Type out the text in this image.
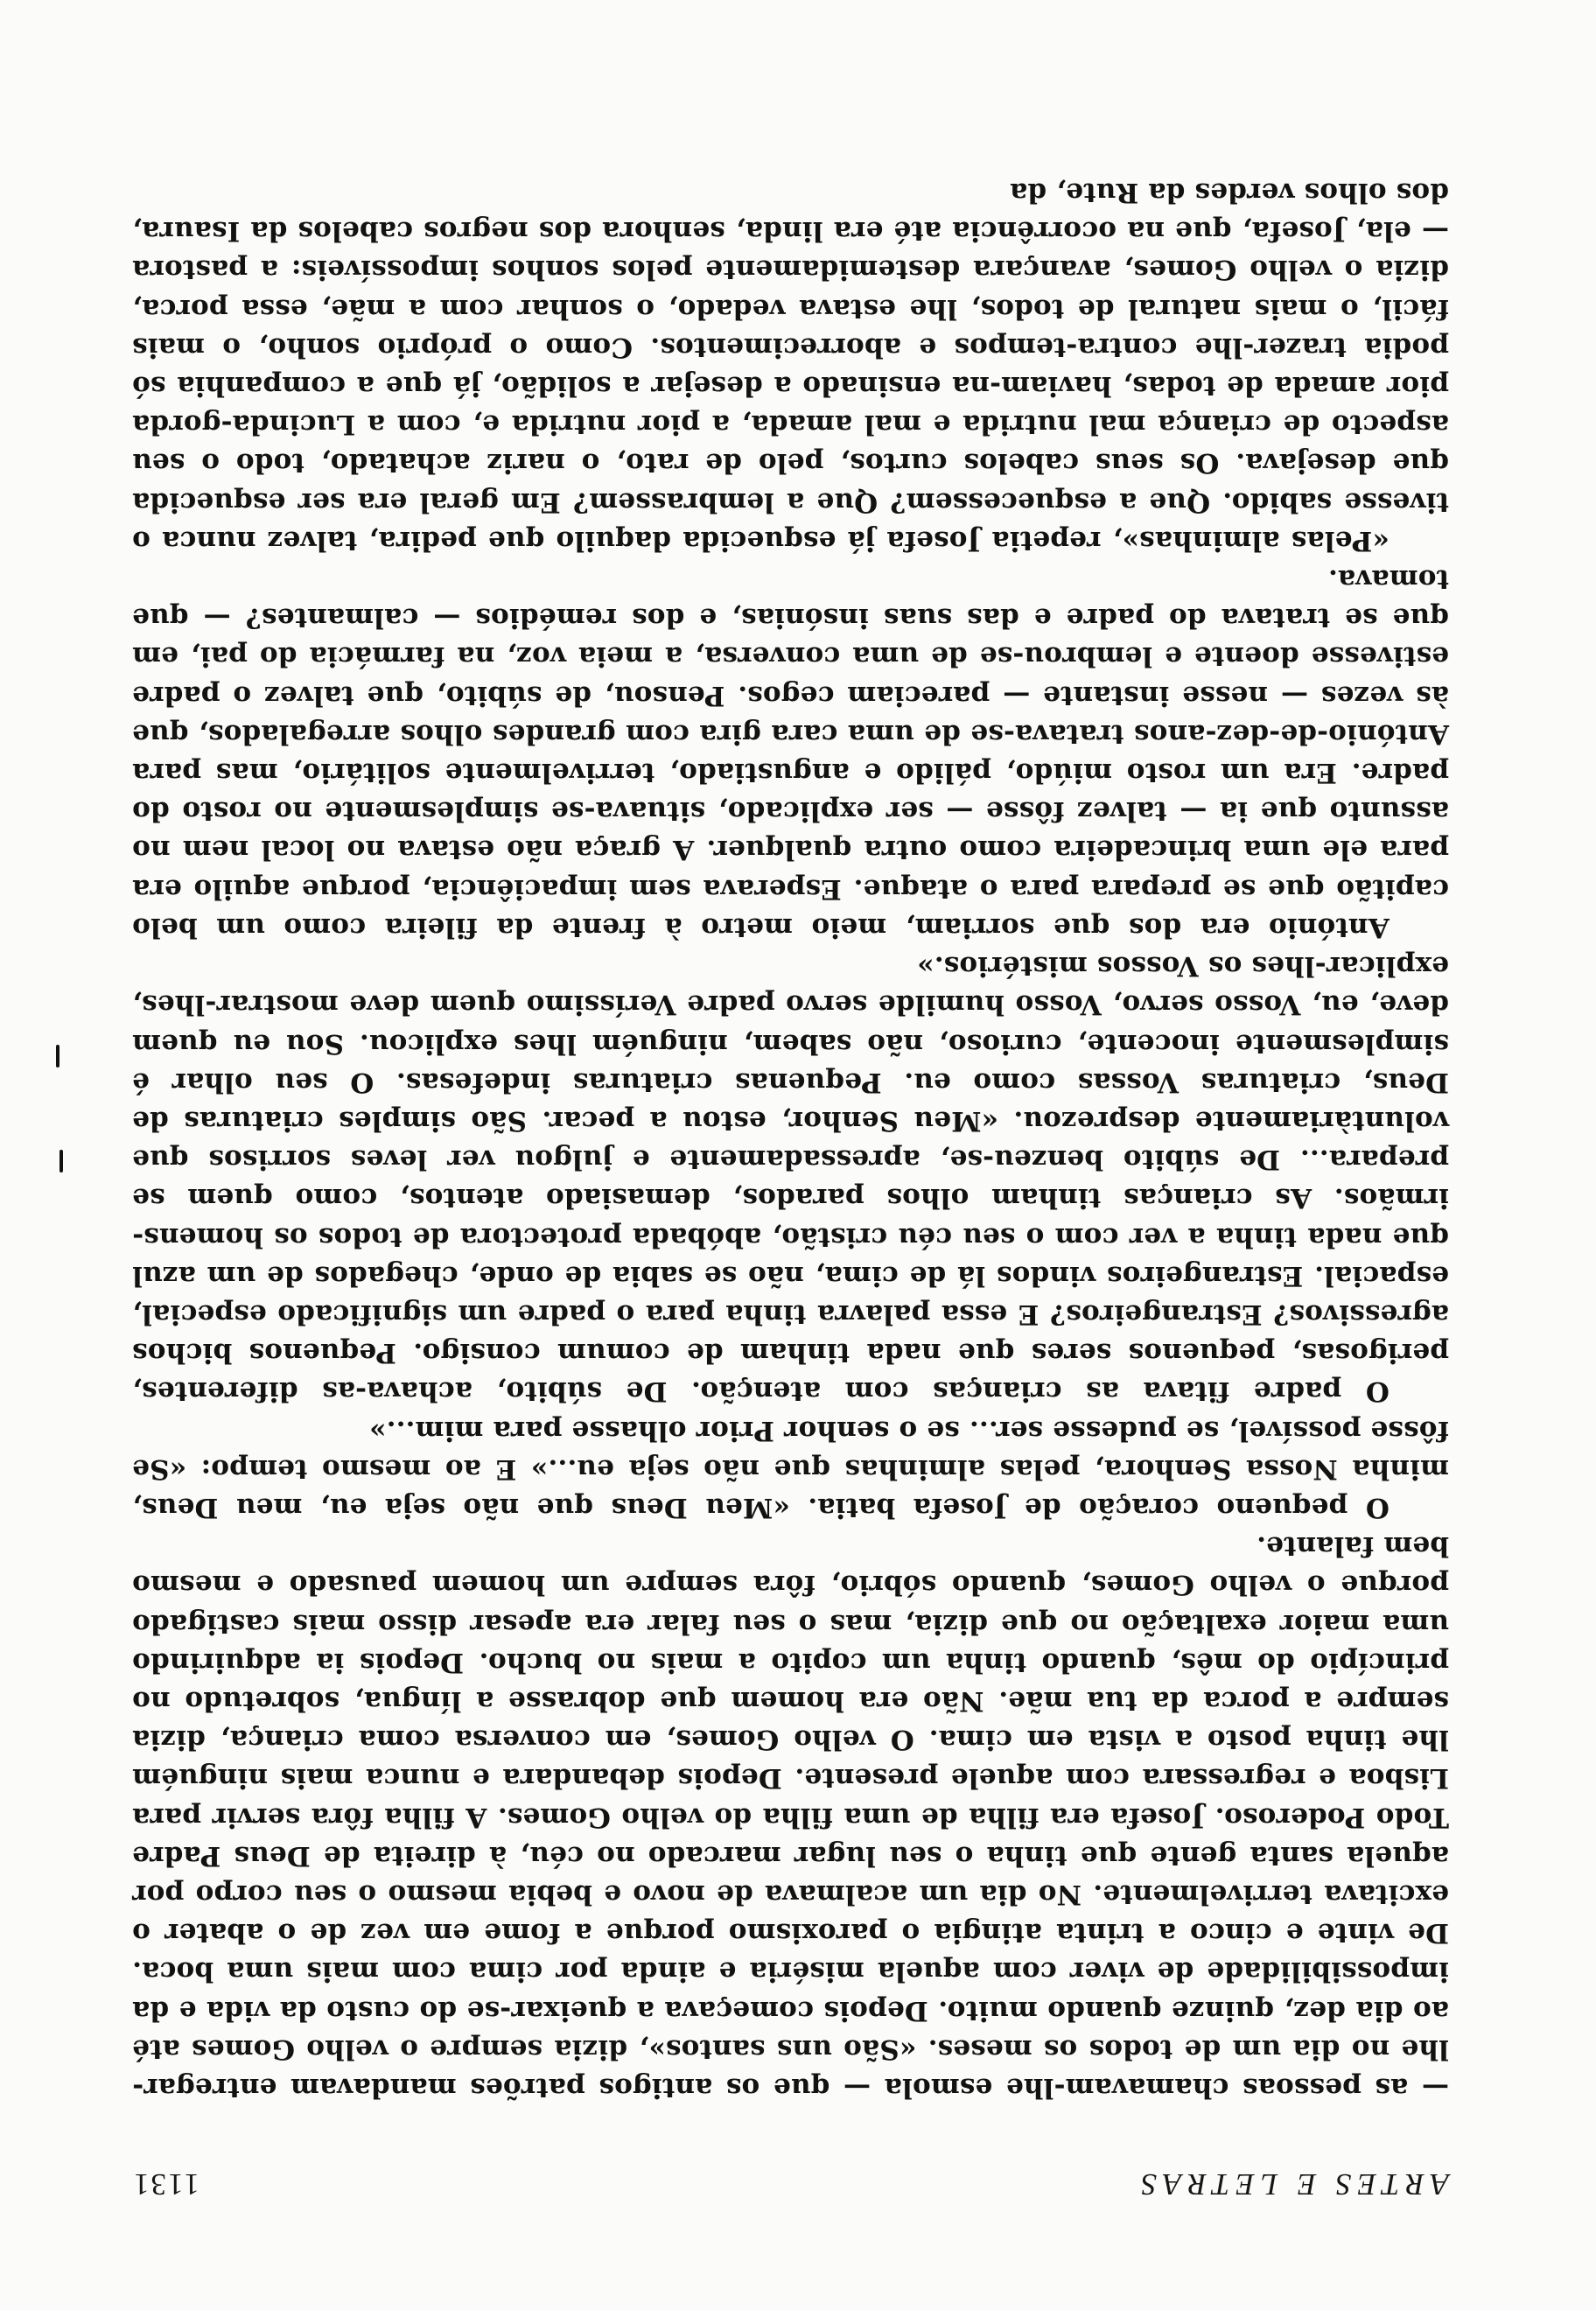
ARTES E LETRAS
1131

— as pessoas chamavam-lhe esmola — que os antigos patrões mandavam entregar-lhe no dia um de todos os meses. «São uns santos», dizia sempre o velho Gomes até ao dia dez, quinze quando muito. Depois começava a queixar-se do custo da vida e da impossibilidade de viver com aquela miséria e ainda por cima com mais uma boca. De vinte e cinco a trinta atingia o paroxismo porque a fome em vez de o abater o excitava terrivelmente. No dia um acalmava de novo e bebia mesmo o seu corpo por aquela santa gente que tinha o seu lugar marcado no céu, à direita de Deus Padre Todo Poderoso. Josefa era filha de uma filha do velho Gomes. A filha fôra servir para Lisboa e regressara com aquele presente. Depois debandara e nunca mais ninguém lhe tinha posto a vista em cima. O velho Gomes, em conversa coma criança, dizia sempre a porca da tua mãe. Não era homem que dobrasse a língua, sobretudo no princípio do mês, quando tinha um copito a mais no bucho. Depois ia adquirindo uma maior exaltação no que dizia, mas o seu falar era apesar disso mais castigado porque o velho Gomes, quando sóbrio, fôra sempre um homem pausado e mesmo bem falante.

O pequeno coração de Josefa batia. «Meu Deus que não seja eu, meu Deus, minha Nossa Senhora, pelas alminhas que não seja eu...» E ao mesmo tempo: «Se fôsse possível, se pudesse ser... se o senhor Prior olhasse para mim...»

O padre fitava as crianças com atenção. De súbito, achava-as diferentes, perigosas, pequenos seres que nada tinham de comum consigo. Pequenos bichos agressivos? Estrangeiros? E essa palavra tinha para o padre um significado especial, espacial. Estrangeiros vindos lá de cima, não se sabia de onde, chegados de um azul que nada tinha a ver com o seu céu cristão, abóbada protectora de todos os homens-irmãos. As crianças tinham olhos parados, demasiado atentos, como quem se prepara... De súbito benzeu-se, apressadamente e julgou ver leves sorrisos que voluntàriamente desprezou. «Meu Senhor, estou a pecar. São simples criaturas de Deus, criaturas Vossas como eu. Pequenas criaturas indefesas. O seu olhar é simplesmente inocente, curioso, não sabem, ninguém lhes explicou. Sou eu quem deve, eu, Vosso servo, Vosso humilde servo padre Veríssimo quem deve mostrar-lhes, explicar-lhes os Vossos mistérios.»

António era dos que sorriam, meio metro à frente da fileira como um belo capitão que se prepara para o ataque. Esperava sem impaciência, porque aquilo era para ele uma brincadeira como outra qualquer. A graça não estava no local nem no assunto que ia — talvez fôsse — ser explicado, situava-se simplesmente no rosto do padre. Era um rosto miúdo, pálido e angustiado, terrivelmente solitário, mas para António-de-dez-anos tratava-se de uma cara gira com grandes olhos arregalados, que às vezes — nesse instante — pareciam cegos. Pensou, de súbito, que talvez o padre estivesse doente e lembrou-se de uma conversa, a meia voz, na farmácia do pai, em que se tratava do padre e das suas insónias, e dos remédios — calmantes? — que tomava.

«Pelas alminhas», repetia Josefa já esquecida daquilo que pedira, talvez nunca o tivesse sabido. Que a esquecessem? Que a lembrassem? Em geral era ser esquecida que desejava. Os seus cabelos curtos, pelo de rato, o nariz achatado, todo o seu aspecto de criança mal nutrida e mal amada, a pior nutrida e, com a Lucinda-gorda pior amada de todas, haviam-na ensinado a desejar a solidão, já que a companhia só podia trazer-lhe contra-tempos e aborrecimentos. Como o próprio sonho, o mais fácil, o mais natural de todos, lhe estava vedado, o sonhar com a mãe, essa porca, dizia o velho Gomes, avançara destemidamente pelos sonhos impossíveis: a pastora — ela, Josefa, que na ocorrência até era linda, senhora dos negros cabelos da Isaura, dos olhos verdes da Rute, da
